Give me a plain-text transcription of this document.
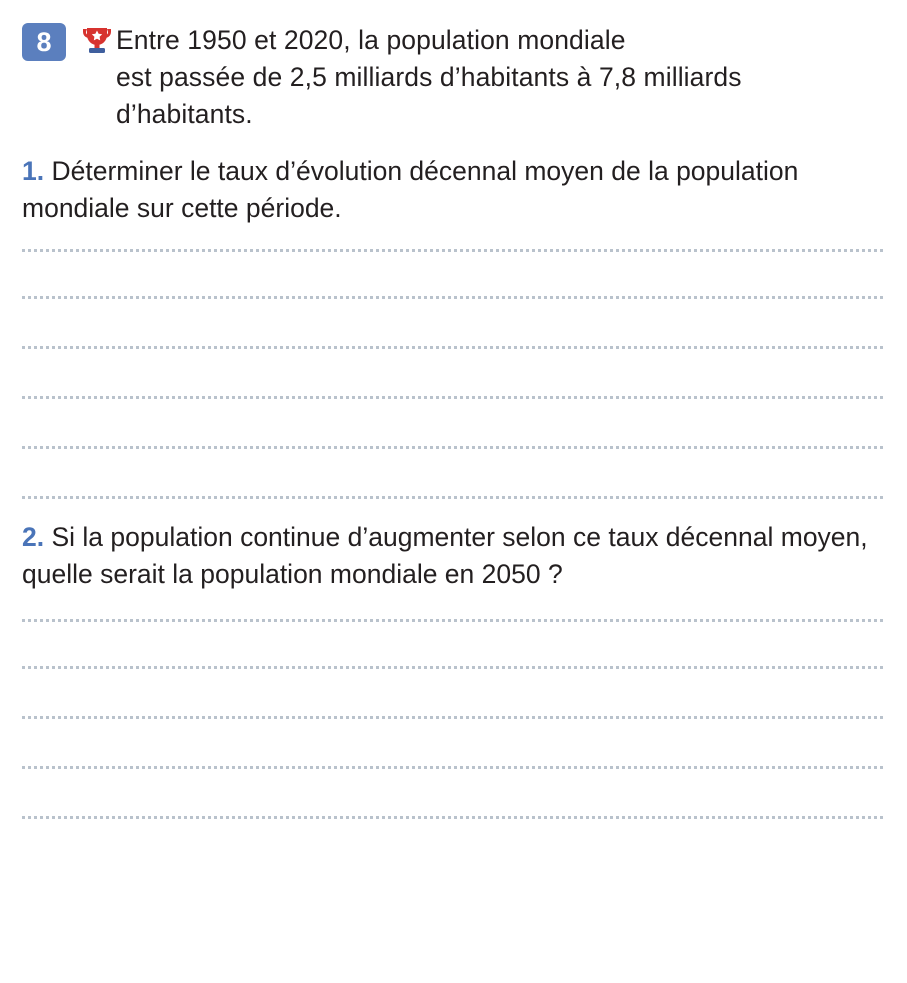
8	Entre 1950 et 2020, la population mondiale
est passée de 2,5 milliards d’habitants à 7,8 milliards d’habitants.
1. Déterminer le taux d’évolution décennal moyen de la population mondiale sur cette période.
2. Si la population continue d’augmenter selon ce taux décennal moyen, quelle serait la population mondiale en 2050 ?
